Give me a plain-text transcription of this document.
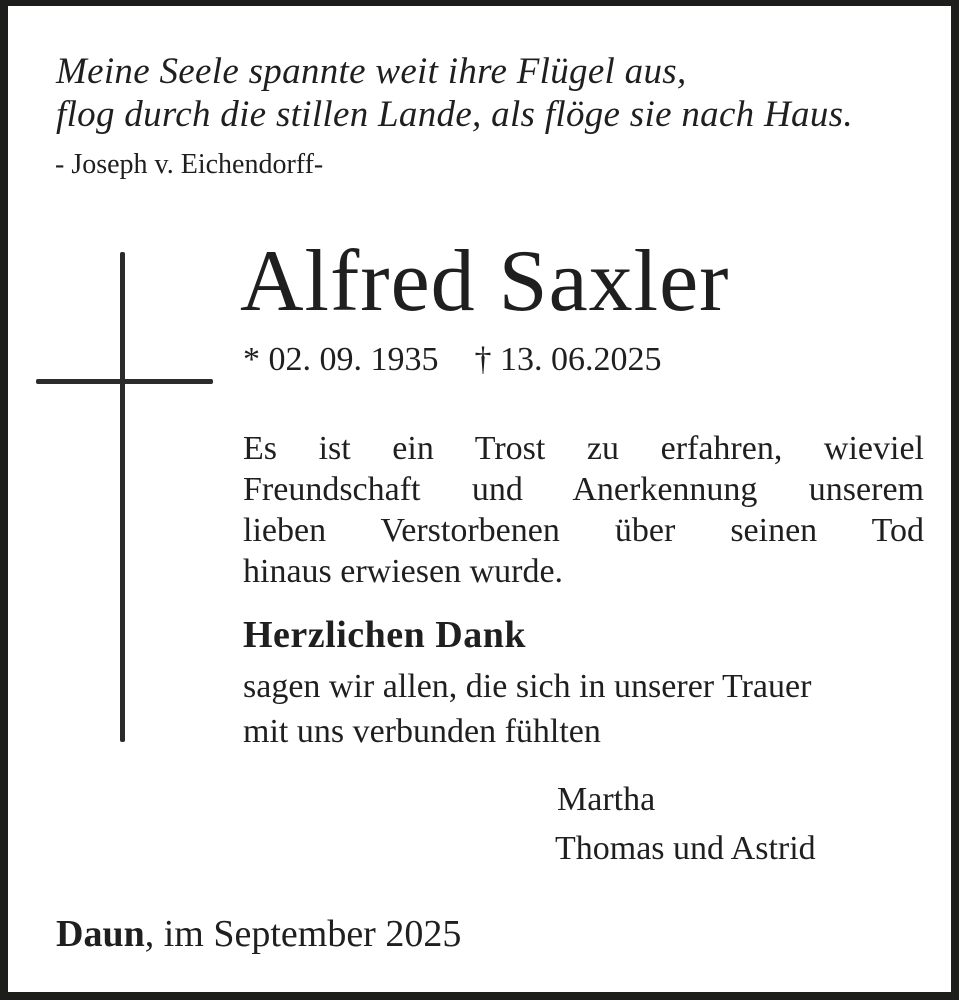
Meine Seele spannte weit ihre Flügel aus,
flog durch die stillen Lande, als flöge sie nach Haus.
- Joseph v. Eichendorff-
Alfred Saxler
* 02. 09. 1935 † 13. 06.2025
Es ist ein Trost zu erfahren, wieviel
Freundschaft und Anerkennung unserem
lieben Verstorbenen über seinen Tod
hinaus erwiesen wurde.
Herzlichen Dank
sagen wir allen, die sich in unserer Trauer
mit uns verbunden fühlten
Martha
Thomas und Astrid
Daun, im September 2025
